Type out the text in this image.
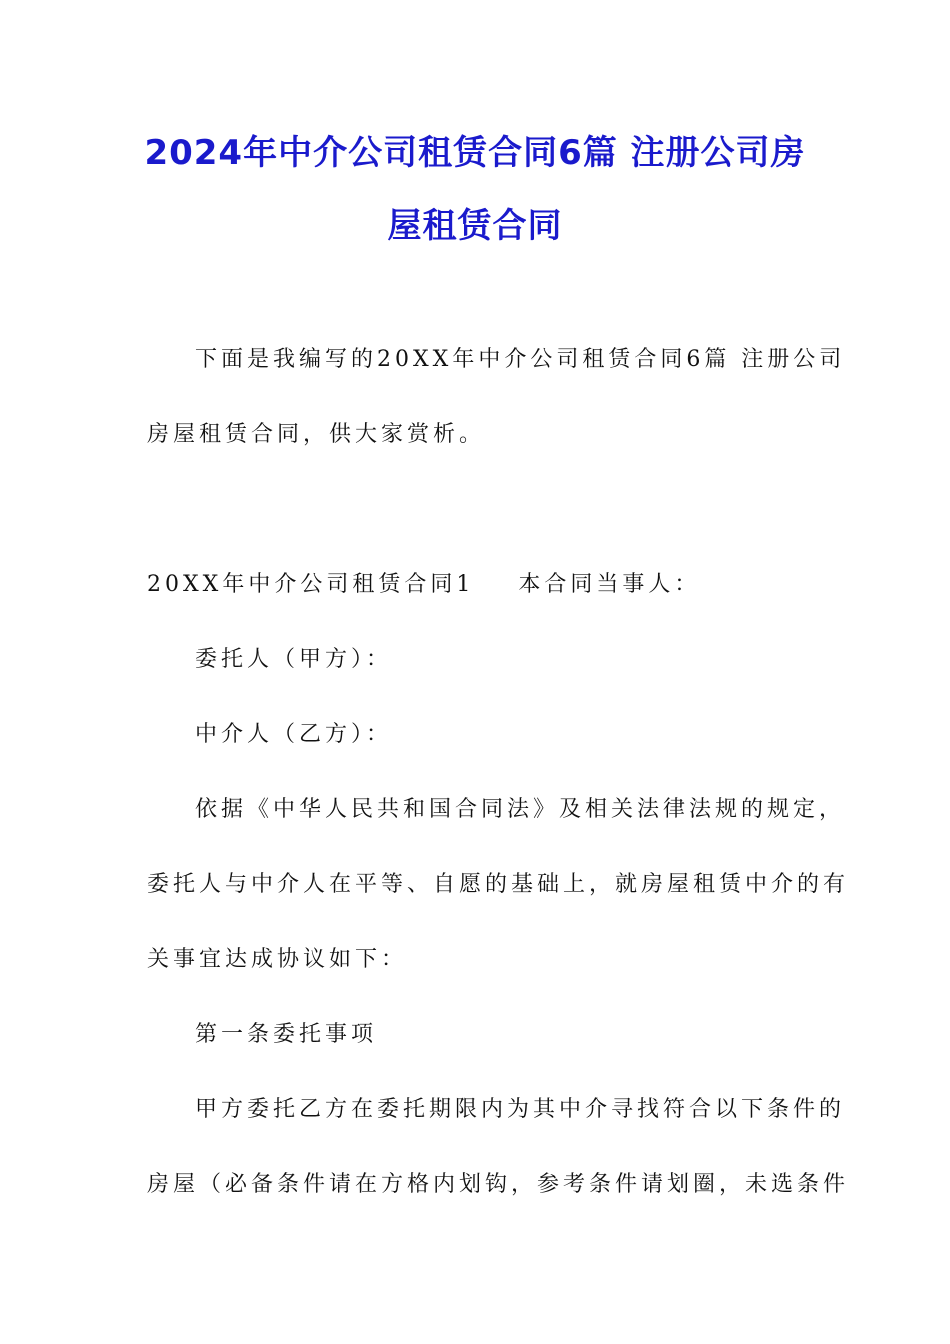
2024年中介公司租赁合同6篇 注册公司房
屋租赁合同
下面是我编写的20XX年中介公司租赁合同6篇 注册公司
房屋租赁合同，供大家赏析。
20XX年中介公司租赁合同1 本合同当事人：
委托人（甲方）：
中介人（乙方）：
依据《中华人民共和国合同法》及相关法律法规的规定，
委托人与中介人在平等、自愿的基础上，就房屋租赁中介的有
关事宜达成协议如下：
第一条委托事项
甲方委托乙方在委托期限内为其中介寻找符合以下条件的
房屋（必备条件请在方格内划钩，参考条件请划圈，未选条件
